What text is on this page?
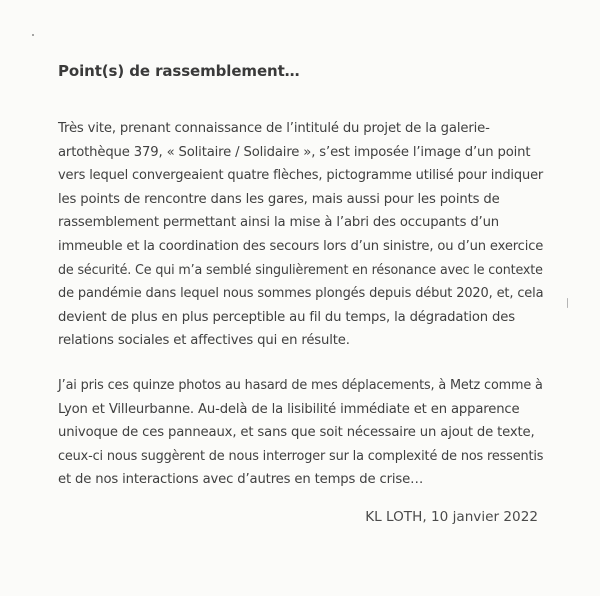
Point(s) de rassemblement…

Très vite, prenant connaissance de l’intitulé du projet de la galerie-
artothèque 379, « Solitaire / Solidaire », s’est imposée l’image d’un point
vers lequel convergeaient quatre flèches, pictogramme utilisé pour indiquer
les points de rencontre dans les gares, mais aussi pour les points de
rassemblement permettant ainsi la mise à l’abri des occupants d’un
immeuble et la coordination des secours lors d’un sinistre, ou d’un exercice
de sécurité. Ce qui m’a semblé singulièrement en résonance avec le contexte
de pandémie dans lequel nous sommes plongés depuis début 2020, et, cela
devient de plus en plus perceptible au fil du temps, la dégradation des
relations sociales et affectives qui en résulte.

J’ai pris ces quinze photos au hasard de mes déplacements, à Metz comme à
Lyon et Villeurbanne. Au-delà de la lisibilité immédiate et en apparence
univoque de ces panneaux, et sans que soit nécessaire un ajout de texte,
ceux-ci nous suggèrent de nous interroger sur la complexité de nos ressentis
et de nos interactions avec d’autres en temps de crise…

KL LOTH, 10 janvier 2022
